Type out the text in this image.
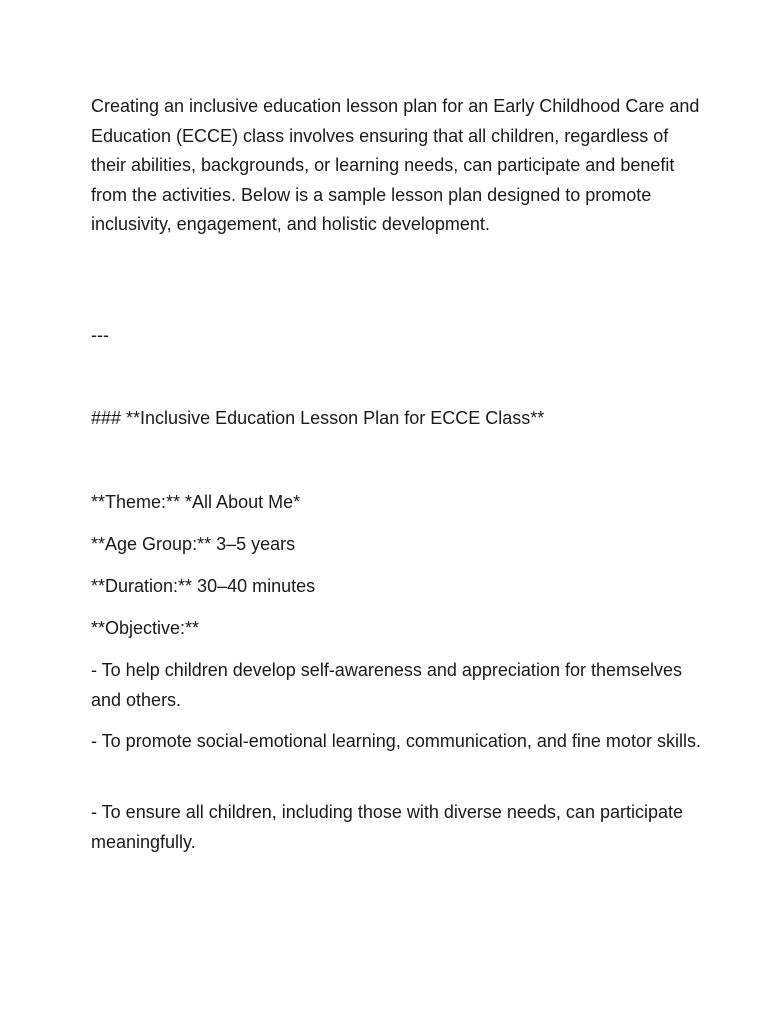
Creating an inclusive education lesson plan for an Early Childhood Care and Education (ECCE) class involves ensuring that all children, regardless of their abilities, backgrounds, or learning needs, can participate and benefit from the activities. Below is a sample lesson plan designed to promote inclusivity, engagement, and holistic development.

---

### **Inclusive Education Lesson Plan for ECCE Class**

**Theme:** *All About Me*

**Age Group:** 3–5 years

**Duration:** 30–40 minutes

**Objective:**

- To help children develop self-awareness and appreciation for themselves and others.

- To promote social-emotional learning, communication, and fine motor skills.

- To ensure all children, including those with diverse needs, can participate meaningfully.
